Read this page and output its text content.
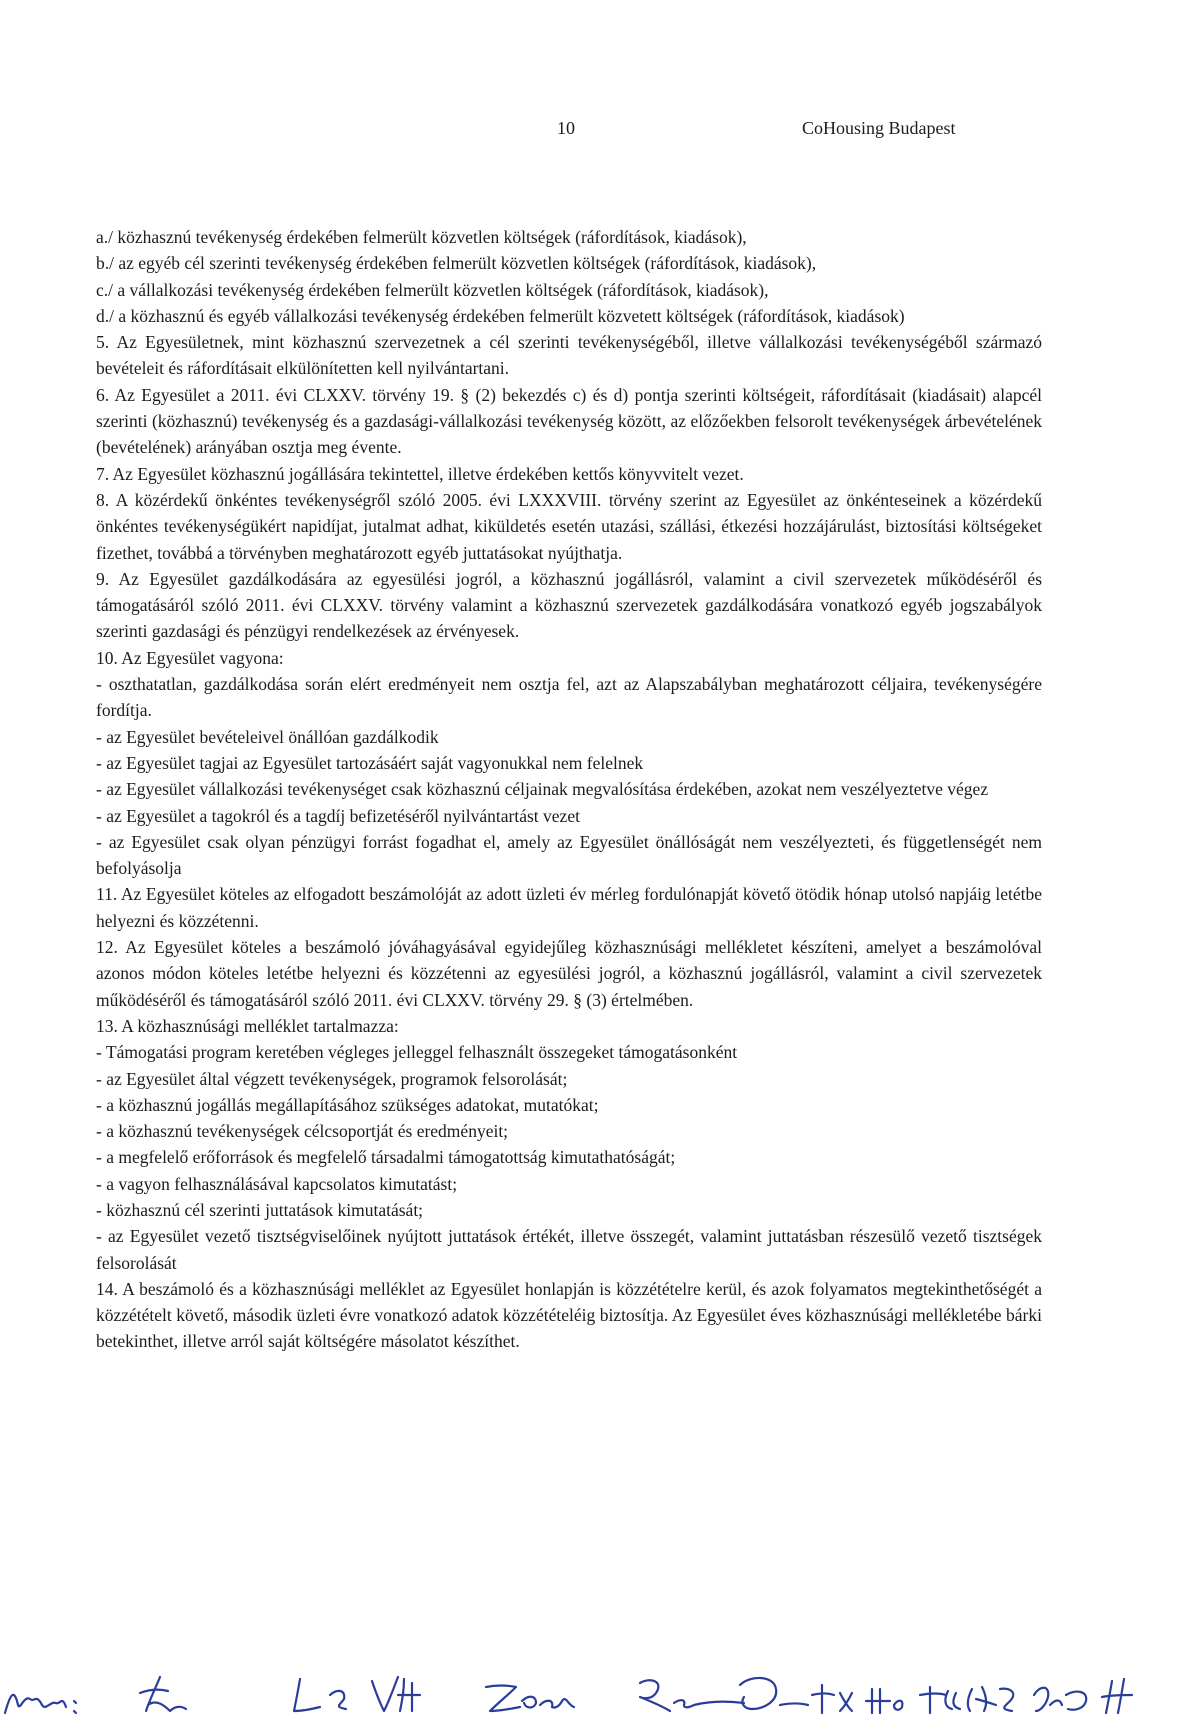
10	CoHousing Budapest

a./ közhasznú tevékenység érdekében felmerült közvetlen költségek (ráfordítások, kiadások),

b./ az egyéb cél szerinti tevékenység érdekében felmerült közvetlen költségek (ráfordítások, kiadások),

c./ a vállalkozási tevékenység érdekében felmerült közvetlen költségek (ráfordítások, kiadások),

d./ a közhasznú és egyéb vállalkozási tevékenység érdekében felmerült közvetett költségek (ráfordítások, kiadások)

5. Az Egyesületnek, mint közhasznú szervezetnek a cél szerinti tevékenységéből, illetve vállalkozási tevékenységéből származó bevételeit és ráfordításait elkülönítetten kell nyilvántartani.

6. Az Egyesület a 2011. évi CLXXV. törvény 19. § (2) bekezdés c) és d) pontja szerinti költségeit, ráfordításait (kiadásait) alapcél szerinti (közhasznú) tevékenység és a gazdasági-vállalkozási tevékenység között, az előzőekben felsorolt tevékenységek árbevételének (bevételének) arányában osztja meg évente.

7. Az Egyesület közhasznú jogállására tekintettel, illetve érdekében kettős könyvvitelt vezet.

8. A közérdekű önkéntes tevékenységről szóló 2005. évi LXXXVIII. törvény szerint az Egyesület az önkénteseinek a közérdekű önkéntes tevékenységükért napidíjat, jutalmat adhat, kiküldetés esetén utazási, szállási, étkezési hozzájárulást, biztosítási költségeket fizethet, továbbá a törvényben meghatározott egyéb juttatásokat nyújthatja.

9. Az Egyesület gazdálkodására az egyesülési jogról, a közhasznú jogállásról, valamint a civil szervezetek működéséről és támogatásáról szóló 2011. évi CLXXV. törvény valamint a közhasznú szervezetek gazdálkodására vonatkozó egyéb jogszabályok szerinti gazdasági és pénzügyi rendelkezések az érvényesek.

10. Az Egyesület vagyona:

- oszthatatlan, gazdálkodása során elért eredményeit nem osztja fel, azt az Alapszabályban meghatározott céljaira, tevékenységére fordítja.

- az Egyesület bevételeivel önállóan gazdálkodik

- az Egyesület tagjai az Egyesület tartozásáért saját vagyonukkal nem felelnek

- az Egyesület vállalkozási tevékenységet csak közhasznú céljainak megvalósítása érdekében, azokat nem veszélyeztetve végez

- az Egyesület a tagokról és a tagdíj befizetéséről nyilvántartást vezet

- az Egyesület csak olyan pénzügyi forrást fogadhat el, amely az Egyesület önállóságát nem veszélyezteti, és függetlenségét nem befolyásolja

11. Az Egyesület köteles az elfogadott beszámolóját az adott üzleti év mérleg fordulónapját követő ötödik hónap utolsó napjáig letétbe helyezni és közzétenni.

12. Az Egyesület köteles a beszámoló jóváhagyásával egyidejűleg közhasznúsági mellékletet készíteni, amelyet a beszámolóval azonos módon köteles letétbe helyezni és közzétenni az egyesülési jogról, a közhasznú jogállásról, valamint a civil szervezetek működéséről és támogatásáról szóló 2011. évi CLXXV. törvény 29. § (3) értelmében.

13. A közhasznúsági melléklet tartalmazza:

- Támogatási program keretében végleges jelleggel felhasznált összegeket támogatásonként

- az Egyesület által végzett tevékenységek, programok felsorolását;

- a közhasznú jogállás megállapításához szükséges adatokat, mutatókat;

- a közhasznú tevékenységek célcsoportját és eredményeit;

- a megfelelő erőforrások és megfelelő társadalmi támogatottság kimutathatóságát;

- a vagyon felhasználásával kapcsolatos kimutatást;

- közhasznú cél szerinti juttatások kimutatását;

- az Egyesület vezető tisztségviselőinek nyújtott juttatások értékét, illetve összegét, valamint juttatásban részesülő vezető tisztségek felsorolását

14. A beszámoló és a közhasznúsági melléklet az Egyesület honlapján is közzétételre kerül, és azok folyamatos megtekinthetőségét a közzétételt követő, második üzleti évre vonatkozó adatok közzétételéig biztosítja. Az Egyesület éves közhasznúsági mellékletébe bárki betekinthet, illetve arról saját költségére másolatot készíthet.
